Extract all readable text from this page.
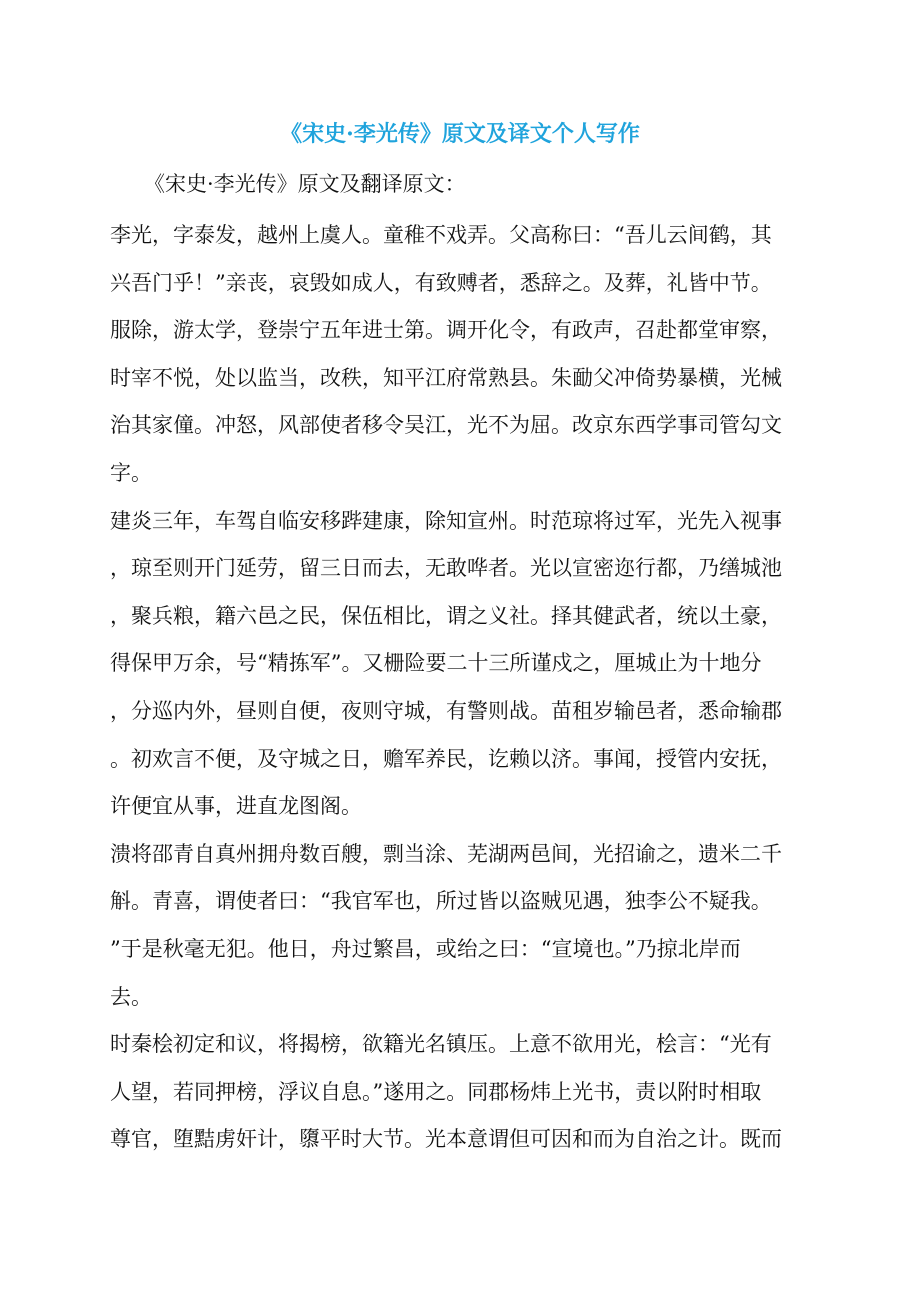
《宋史·李光传》原文及译文个人写作

《宋史·李光传》原文及翻译原文：

李光，字泰发，越州上虞人。童稚不戏弄。父高称曰：“吾儿云间鹤，其
兴吾门乎！”亲丧，哀毁如成人，有致赙者，悉辞之。及葬，礼皆中节。
服除，游太学，登崇宁五年进士第。调开化令，有政声，召赴都堂审察，
时宰不悦，处以监当，改秩，知平江府常熟县。朱勔父冲倚势暴横，光械
治其家僮。冲怒，风部使者移令吴江，光不为屈。改京东西学事司管勾文
字。
建炎三年，车驾自临安移跸建康，除知宣州。时范琼将过军，光先入视事
，琼至则开门延劳，留三日而去，无敢哗者。光以宣密迩行都，乃缮城池
，聚兵粮，籍六邑之民，保伍相比，谓之义社。择其健武者，统以土豪，
得保甲万余，号“精拣军”。又栅险要二十三所谨戍之，厘城止为十地分
，分巡内外，昼则自便，夜则守城，有警则战。苗租岁输邑者，悉命输郡
。初欢言不便，及守城之日，赡军养民，讫赖以济。事闻，授管内安抚，
许便宜从事，进直龙图阁。
溃将邵青自真州拥舟数百艘，剽当涂、芜湖两邑间，光招谕之，遗米二千
斛。青喜，谓使者曰：“我官军也，所过皆以盗贼见遇，独李公不疑我。
”于是秋毫无犯。他日，舟过繁昌，或绐之曰：“宣境也。”乃掠北岸而
去。
时秦桧初定和议，将揭榜，欲籍光名镇压。上意不欲用光，桧言：“光有
人望，若同押榜，浮议自息。”遂用之。同郡杨炜上光书，责以附时相取
尊官，堕黠虏奸计，隳平时大节。光本意谓但可因和而为自治之计。既而
